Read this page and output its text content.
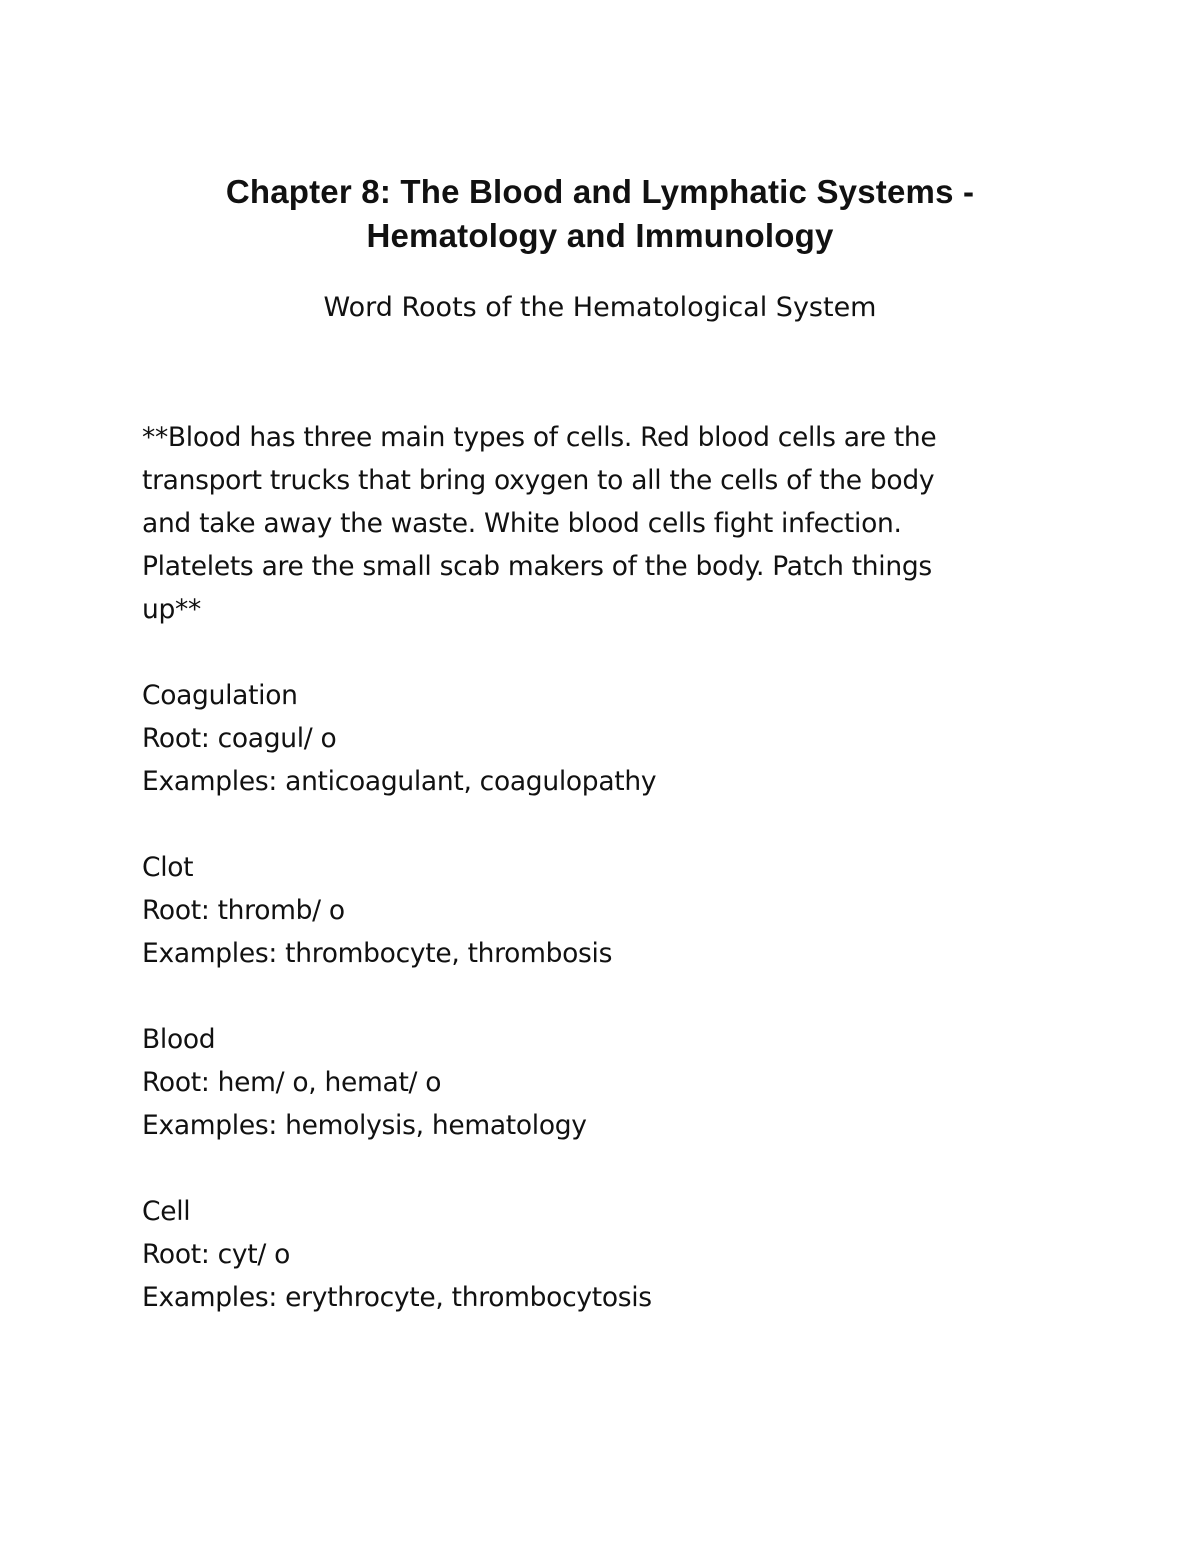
Chapter 8: The Blood and Lymphatic Systems -
Hematology and Immunology
Word Roots of the Hematological System
**Blood has three main types of cells. Red blood cells are the
transport trucks that bring oxygen to all the cells of the body
and take away the waste. White blood cells fight infection.
Platelets are the small scab makers of the body. Patch things
up**
Coagulation
Root: coagul/ o
Examples: anticoagulant, coagulopathy
Clot
Root: thromb/ o
Examples: thrombocyte, thrombosis
Blood
Root: hem/ o, hemat/ o
Examples: hemolysis, hematology
Cell
Root: cyt/ o
Examples: erythrocyte, thrombocytosis
